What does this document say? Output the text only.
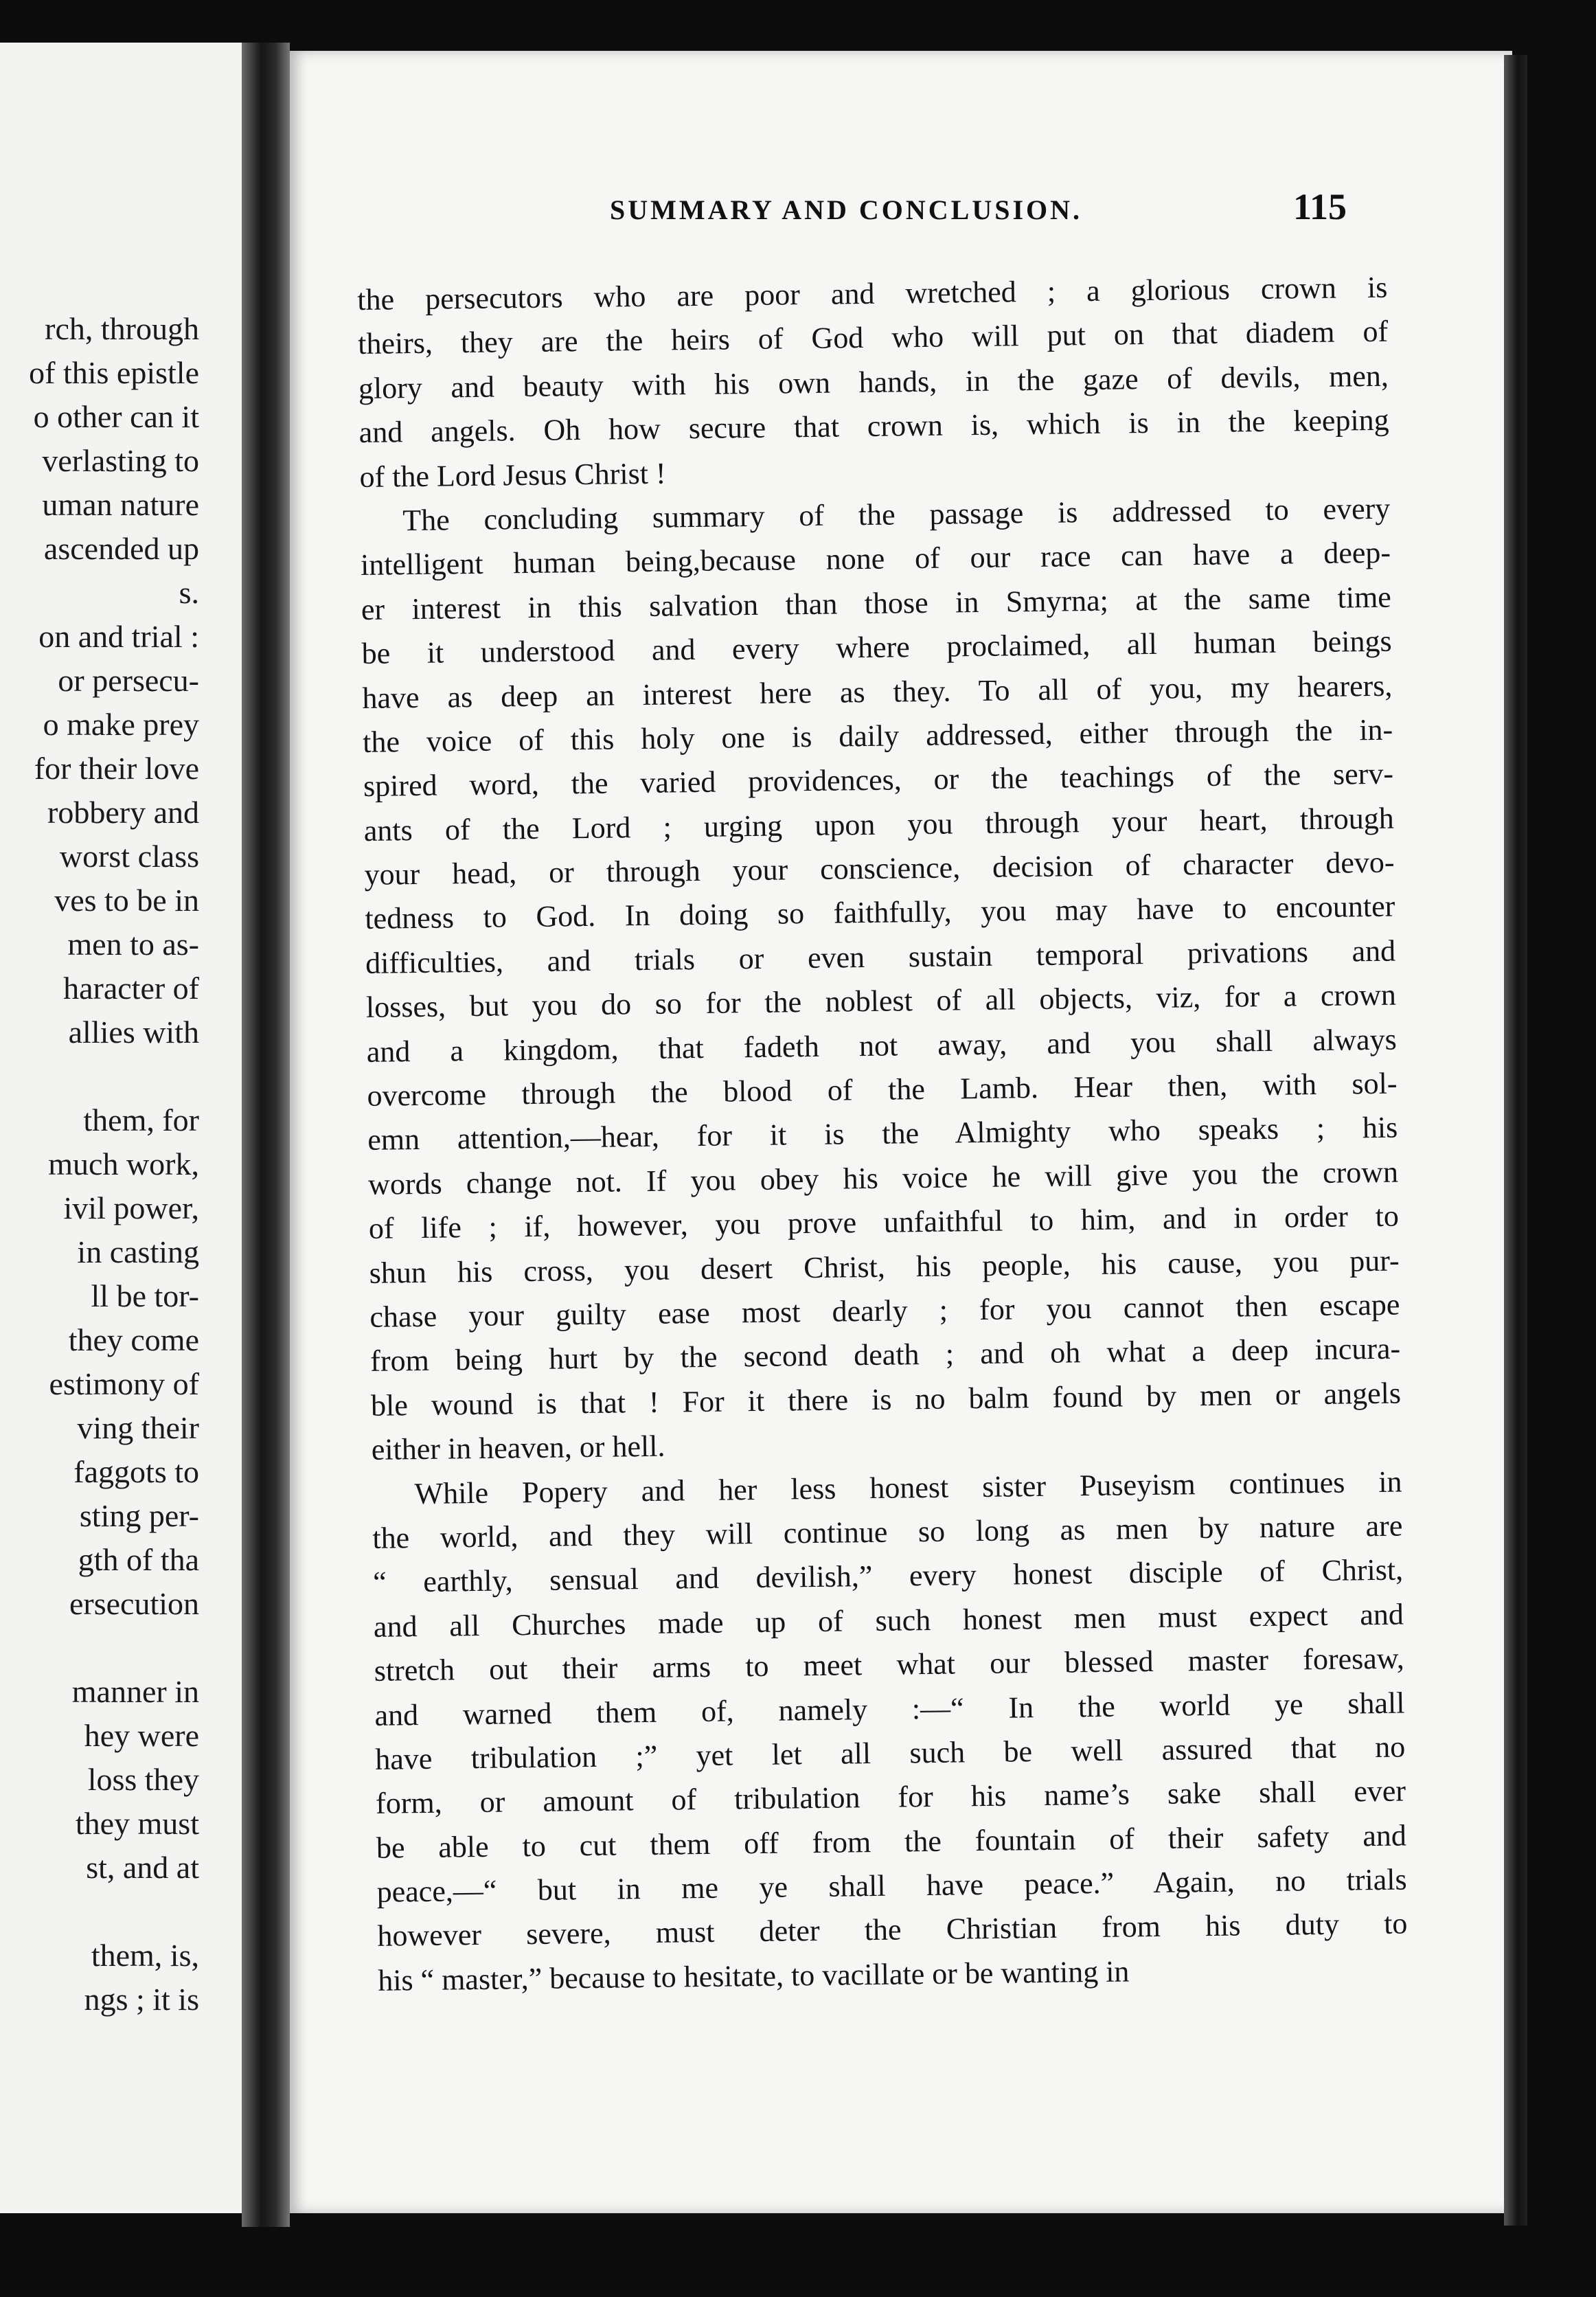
rch, through
of this epistle
o other can it
verlasting to
uman nature
ascended up
s.
on and trial :
or persecu-
o make prey
for their love
robbery and
worst class
ves to be in
men to as-
haracter of
allies with
them, for
much work,
ivil power,
in casting
ll be tor-
they come
estimony of
ving their
faggots to
sting per-
gth of tha
ersecution
manner in
hey were
loss they
they must
st, and at
them, is,
ngs ; it is
SUMMARY AND CONCLUSION.	115
the persecutors who are poor and wretched ; a glorious crown is
theirs, they are the heirs of God who will put on that diadem of
glory and beauty with his own hands, in the gaze of devils, men,
and angels. Oh how secure that crown is, which is in the keeping
of the Lord Jesus Christ !
The concluding summary of the passage is addressed to every
intelligent human being,because none of our race can have a deep-
er interest in this salvation than those in Smyrna; at the same time
be it understood and every where proclaimed, all human beings
have as deep an interest here as they. To all of you, my hearers,
the voice of this holy one is daily addressed, either through the in-
spired word, the varied providences, or the teachings of the serv-
ants of the Lord ; urging upon you through your heart, through
your head, or through your conscience, decision of character devo-
tedness to God. In doing so faithfully, you may have to encounter
difficulties, and trials or even sustain temporal privations and
losses, but you do so for the noblest of all objects, viz, for a crown
and a kingdom, that fadeth not away, and you shall always
overcome through the blood of the Lamb. Hear then, with sol-
emn attention,—hear, for it is the Almighty who speaks ; his
words change not. If you obey his voice he will give you the crown
of life ; if, however, you prove unfaithful to him, and in order to
shun his cross, you desert Christ, his people, his cause, you pur-
chase your guilty ease most dearly ; for you cannot then escape
from being hurt by the second death ; and oh what a deep incura-
ble wound is that ! For it there is no balm found by men or angels
either in heaven, or hell.
While Popery and her less honest sister Puseyism continues in
the world, and they will continue so long as men by nature are
“ earthly, sensual and devilish,” every honest disciple of Christ,
and all Churches made up of such honest men must expect and
stretch out their arms to meet what our blessed master foresaw,
and warned them of, namely :—“ In the world ye shall
have tribulation ;” yet let all such be well assured that no
form, or amount of tribulation for his name’s sake shall ever
be able to cut them off from the fountain of their safety and
peace,—“ but in me ye shall have peace.” Again, no trials
however severe, must deter the Christian from his duty to
his “ master,” because to hesitate, to vacillate or be wanting in
